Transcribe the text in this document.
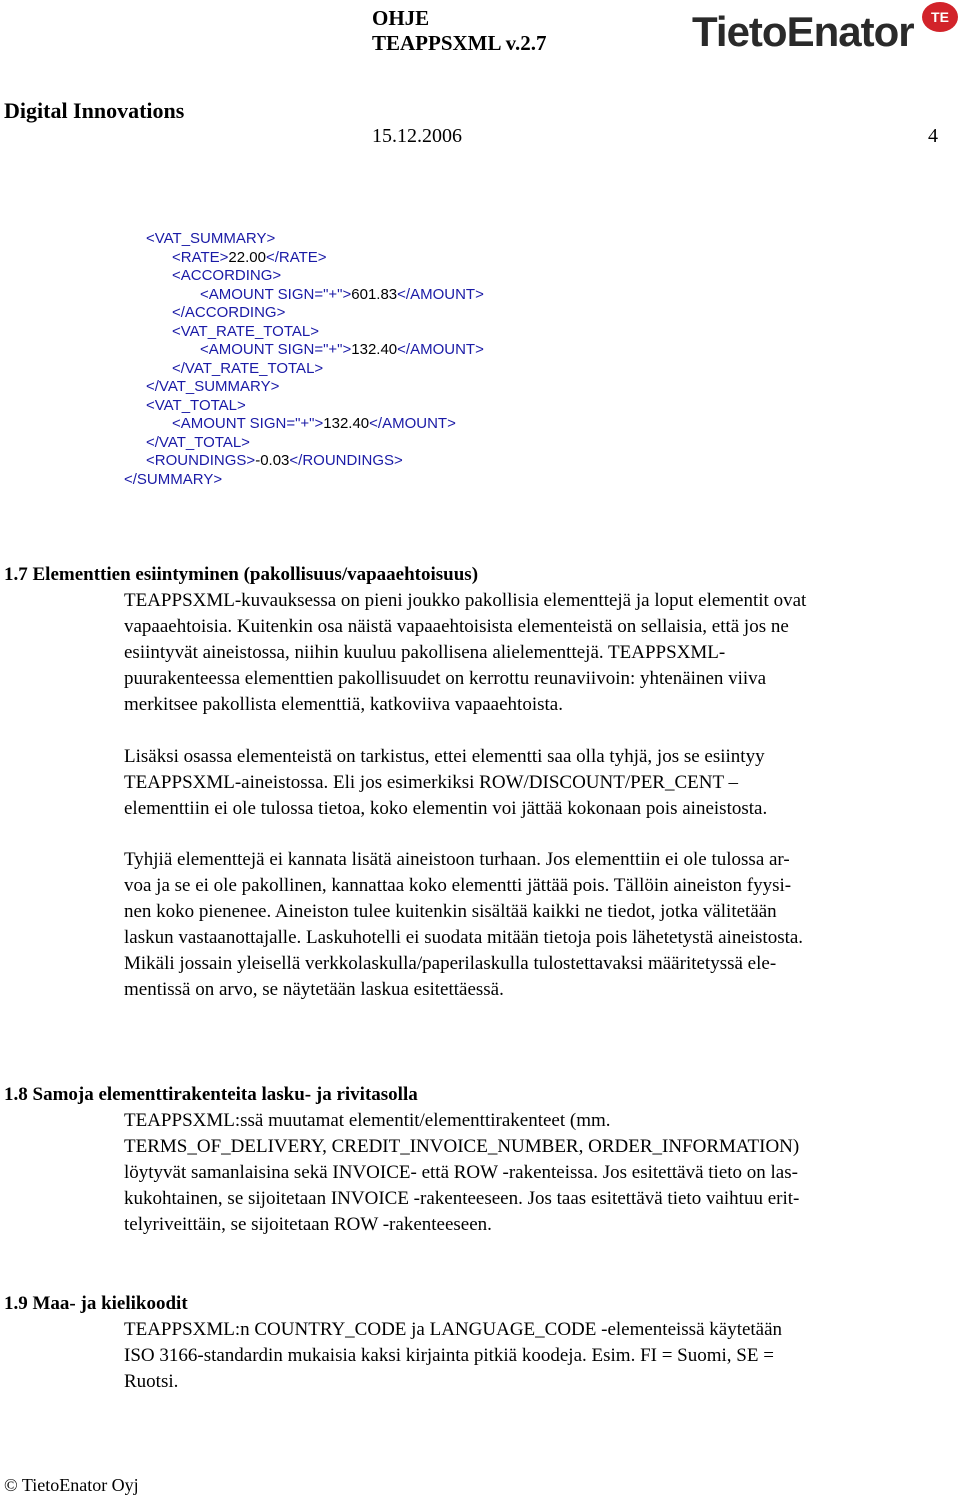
OHJE
TEAPPSXML v.2.7	TietoEnator	TE
Digital Innovations
15.12.2006	4
<VAT_SUMMARY>
<RATE>22.00</RATE>
<ACCORDING>
<AMOUNT SIGN="+">601.83</AMOUNT>
</ACCORDING>
<VAT_RATE_TOTAL>
<AMOUNT SIGN="+">132.40</AMOUNT>
</VAT_RATE_TOTAL>
</VAT_SUMMARY>
<VAT_TOTAL>
<AMOUNT SIGN="+">132.40</AMOUNT>
</VAT_TOTAL>
<ROUNDINGS>-0.03</ROUNDINGS>
</SUMMARY>
1.7 Elementtien esiintyminen (pakollisuus/vapaaehtoisuus)
TEAPPSXML-kuvauksessa on pieni joukko pakollisia elementtejä ja loput elementit ovat
vapaaehtoisia. Kuitenkin osa näistä vapaaehtoisista elementeistä on sellaisia, että jos ne
esiintyvät aineistossa, niihin kuuluu pakollisena alielementtejä. TEAPPSXML-
puurakenteessa elementtien pakollisuudet on kerrottu reunaviivoin: yhtenäinen viiva
merkitsee pakollista elementtiä, katkoviiva vapaaehtoista.
Lisäksi osassa elementeistä on tarkistus, ettei elementti saa olla tyhjä, jos se esiintyy
TEAPPSXML-aineistossa. Eli jos esimerkiksi ROW/DISCOUNT/PER_CENT –
elementtiin ei ole tulossa tietoa, koko elementin voi jättää kokonaan pois aineistosta.
Tyhjiä elementtejä ei kannata lisätä aineistoon turhaan. Jos elementtiin ei ole tulossa ar-
voa ja se ei ole pakollinen, kannattaa koko elementti jättää pois. Tällöin aineiston fyysi-
nen koko pienenee. Aineiston tulee kuitenkin sisältää kaikki ne tiedot, jotka välitetään
laskun vastaanottajalle. Laskuhotelli ei suodata mitään tietoja pois lähetetystä aineistosta.
Mikäli jossain yleisellä verkkolaskulla/paperilaskulla tulostettavaksi määritetyssä ele-
mentissä on arvo, se näytetään laskua esitettäessä.
1.8 Samoja elementtirakenteita lasku- ja rivitasolla
TEAPPSXML:ssä muutamat elementit/elementtirakenteet (mm.
TERMS_OF_DELIVERY, CREDIT_INVOICE_NUMBER, ORDER_INFORMATION)
löytyvät samanlaisina sekä INVOICE- että ROW -rakenteissa. Jos esitettävä tieto on las-
kukohtainen, se sijoitetaan INVOICE -rakenteeseen. Jos taas esitettävä tieto vaihtuu erit-
telyriveittäin, se sijoitetaan ROW -rakenteeseen.
1.9 Maa- ja kielikoodit
TEAPPSXML:n COUNTRY_CODE ja LANGUAGE_CODE -elementeissä käytetään
ISO 3166-standardin mukaisia kaksi kirjainta pitkiä koodeja. Esim. FI = Suomi, SE =
Ruotsi.
© TietoEnator Oyj
